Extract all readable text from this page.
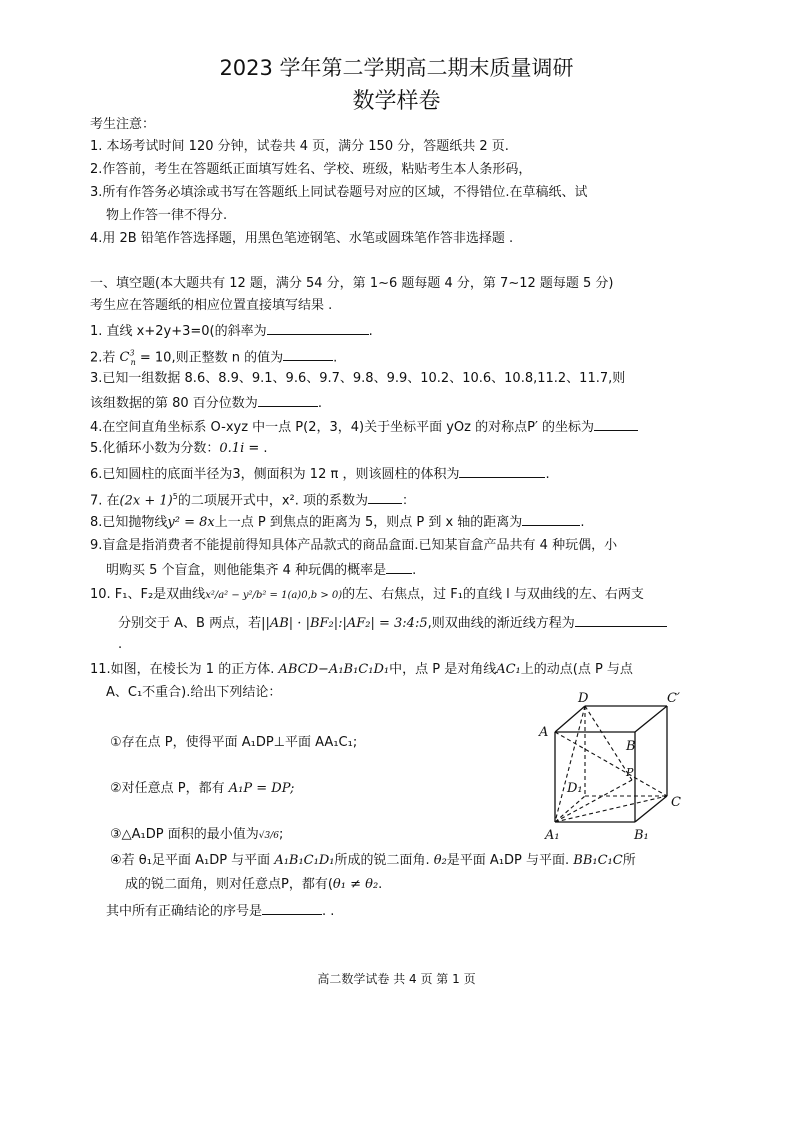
2023 学年第二学期高二期末质量调研
数学样卷
考生注意：
1. 本场考试时间 120 分钟，试卷共 4 页，满分 150 分，答题纸共 2 页.
2.作答前，考生在答题纸正面填写姓名、学校、班级，粘贴考生本人条形码，
3.所有作答务必填涂或书写在答题纸上同试卷题号对应的区域，不得错位.在草稿纸、试
物上作答一律不得分.
4.用 2B 铅笔作答选择题，用黑色笔迹钢笔、水笔或圆珠笔作答非选择题 .
一、填空题(本大题共有 12 题，满分 54 分，第 1~6 题每题 4 分，第 7~12 题每题 5 分)
考生应在答题纸的相应位置直接填写结果 .
1. 直线 x+2y+3=0(的斜率为	.
2.若 $C^3_n = 10$,则正整数 n 的值为	.
3.已知一组数据 8.6、8.9、9.1、9.6、9.7、9.8、9.9、10.2、10.6、10.8,11.2、11.7,则
该组数据的第 80 百分位数为	.
4.在空间直角坐标系 O-xyz 中一点 P(2，3，4)关于坐标平面 yOz 的对称点P′ 的坐标为
5.化循环小数为分数：0.1i = .
6.已知圆柱的底面半径为3，侧面积为 12 π ，则该圆柱的体积为	.
7. 在$(2x + 1)^5$的二项展开式中，x². 项的系数为	：
8.已知抛物线y² = 8x上一点 P 到焦点的距离为 5，则点 P 到 x 轴的距离为	.
9.盲盒是指消费者不能提前得知具体产品款式的商品盒面.已知某盲盒产品共有 4 种玩偶，小
明购买 5 个盲盒，则他能集齐 4 种玩偶的概率是 .
10. F₁、F₂是双曲线x²/a² − y²/b² = 1(a)0,b > 0)的左、右焦点，过 F₁的直线 l 与双曲线的左、右两支
分别交于 A、B 两点，若||AB| · |BF₂|:|AF₂| = 3:4:5,则双曲线的渐近线方程为
.
11.如图，在棱长为 1 的正方体. ABCD−A₁B₁C₁D₁中，点 P 是对角线AC₁上的动点(点 P 与点
A、C₁不重合).给出下列结论：
①存在点 P，使得平面 A₁DP⊥平面 AA₁C₁;
②对任意点 P，都有 A₁P = DP;
③△A₁DP 面积的最小值为√3/6;
④若 θ₁足平面 A₁DP 与平面 A₁B₁C₁D₁所成的锐二面角. θ₂是平面 A₁DP 与平面. BB₁C₁C所
成的锐二面角，则对任意点P，都有(θ₁ ≠ θ₂.
其中所有正确结论的序号是	. .
D	C′
A
B
D₁
P
C
A₁	B₁
高二数学试卷 共 4 页 第 1 页
